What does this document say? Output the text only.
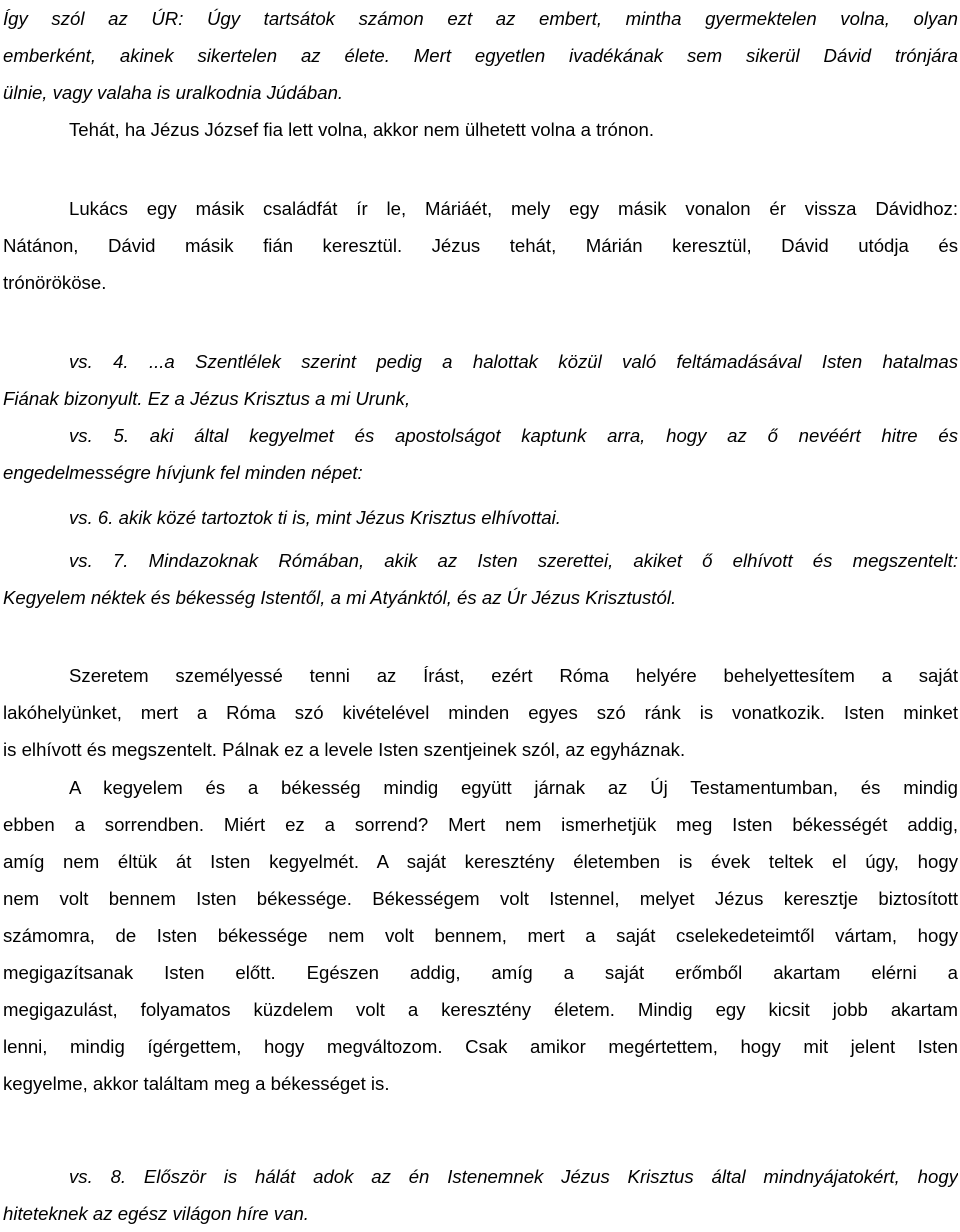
Így szól az ÚR: Úgy tartsátok számon ezt az embert, mintha gyermektelen volna, olyan
emberként, akinek sikertelen az élete. Mert egyetlen ivadékának sem sikerül Dávid trónjára
ülnie, vagy valaha is uralkodnia Júdában.
Tehát, ha Jézus József fia lett volna, akkor nem ülhetett volna a trónon.
Lukács egy másik családfát ír le, Máriáét, mely egy másik vonalon ér vissza Dávidhoz:
Nátánon, Dávid másik fián keresztül. Jézus tehát, Márián keresztül, Dávid utódja és
trónörököse.
vs. 4. ...a Szentlélek szerint pedig a halottak közül való feltámadásával Isten hatalmas
Fiának bizonyult. Ez a Jézus Krisztus a mi Urunk,
vs. 5. aki által kegyelmet és apostolságot kaptunk arra, hogy az ő nevéért hitre és
engedelmességre hívjunk fel minden népet:
vs. 6. akik közé tartoztok ti is, mint Jézus Krisztus elhívottai.
vs. 7. Mindazoknak Rómában, akik az Isten szerettei, akiket ő elhívott és megszentelt:
Kegyelem néktek és békesség Istentől, a mi Atyánktól, és az Úr Jézus Krisztustól.
Szeretem személyessé tenni az Írást, ezért Róma helyére behelyettesítem a saját
lakóhelyünket, mert a Róma szó kivételével minden egyes szó ránk is vonatkozik. Isten minket
is elhívott és megszentelt. Pálnak ez a levele Isten szentjeinek szól, az egyháznak.
A kegyelem és a békesség mindig együtt járnak az Új Testamentumban, és mindig
ebben a sorrendben. Miért ez a sorrend? Mert nem ismerhetjük meg Isten békességét addig,
amíg nem éltük át Isten kegyelmét. A saját keresztény életemben is évek teltek el úgy, hogy
nem volt bennem Isten békessége. Békességem volt Istennel, melyet Jézus keresztje biztosított
számomra, de Isten békessége nem volt bennem, mert a saját cselekedeteimtől vártam, hogy
megigazítsanak Isten előtt. Egészen addig, amíg a saját erőmből akartam elérni a
megigazulást, folyamatos küzdelem volt a keresztény életem. Mindig egy kicsit jobb akartam
lenni, mindig ígérgettem, hogy megváltozom. Csak amikor megértettem, hogy mit jelent Isten
kegyelme, akkor találtam meg a békességet is.
vs. 8. Először is hálát adok az én Istenemnek Jézus Krisztus által mindnyájatokért, hogy
hiteteknek az egész világon híre van.
